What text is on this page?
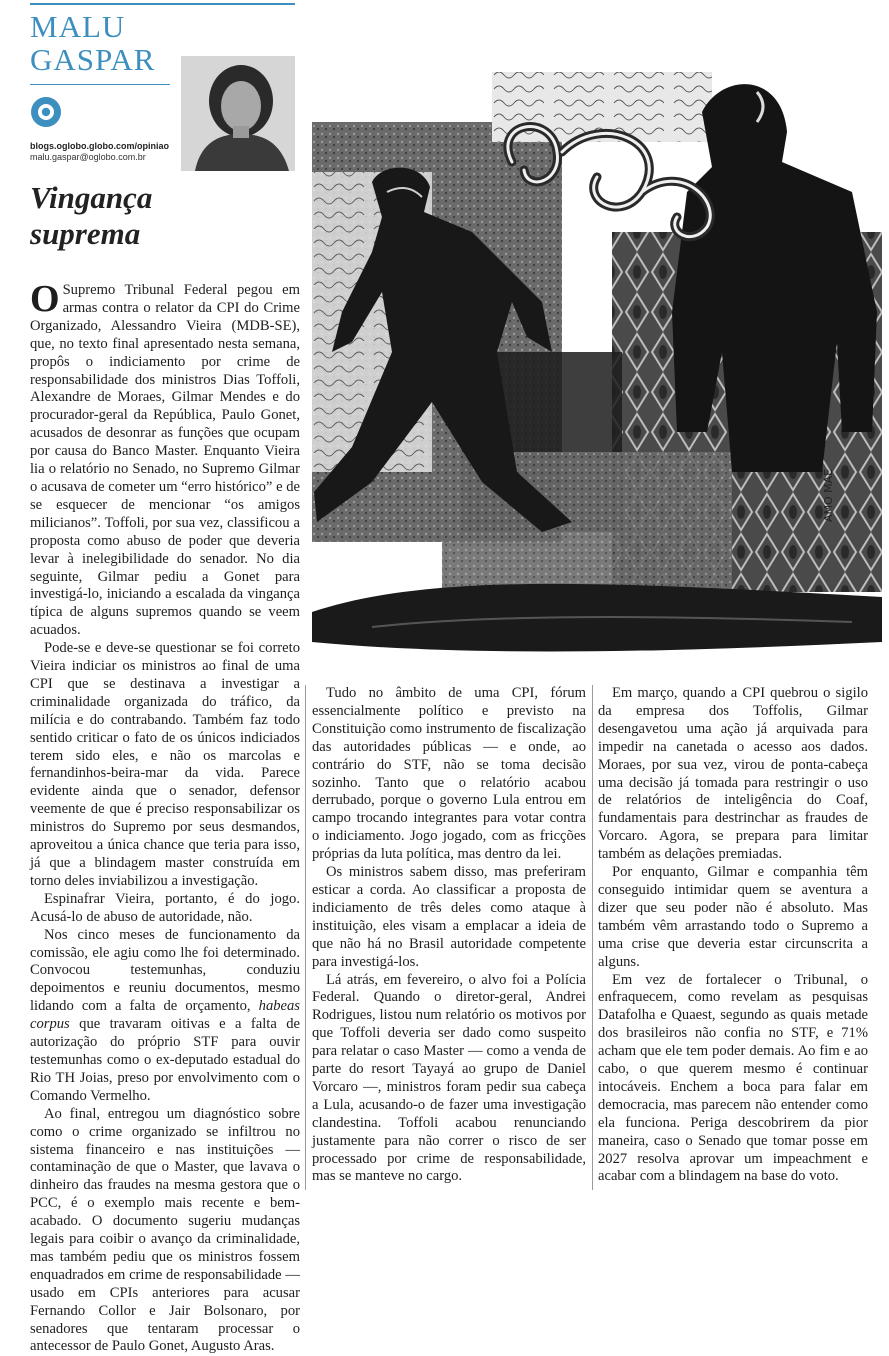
MALU
GASPAR
blogs.oglobo.globo.com/opiniao
malu.gaspar@oglobo.com.br
Vingança
suprema
AMO MAE

O Supremo Tribunal Federal pegou em armas contra o relator da CPI do Crime Organizado, Alessandro Vieira (MDB-SE), que, no texto final apresentado nesta semana, propôs o indiciamento por crime de responsabilidade dos ministros Dias Toffoli, Alexandre de Moraes, Gilmar Mendes e do procurador-geral da República, Paulo Gonet, acusados de desonrar as funções que ocupam por causa do Banco Master. Enquanto Vieira lia o relatório no Senado, no Supremo Gilmar o acusava de cometer um “erro histórico” e de se esquecer de mencionar “os amigos milicianos”. Toffoli, por sua vez, classificou a proposta como abuso de poder que deveria levar à inelegibilidade do senador. No dia seguinte, Gilmar pediu a Gonet para investigá-lo, iniciando a escalada da vingança típica de alguns supremos quando se veem acuados.

Pode-se e deve-se questionar se foi correto Vieira indiciar os ministros ao final de uma CPI que se destinava a investigar a criminalidade organizada do tráfico, da milícia e do contrabando. Também faz todo sentido criticar o fato de os únicos indiciados terem sido eles, e não os marcolas e fernandinhos-beira-mar da vida. Parece evidente ainda que o senador, defensor veemente de que é preciso responsabilizar os ministros do Supremo por seus desmandos, aproveitou a única chance que teria para isso, já que a blindagem master construída em torno deles inviabilizou a investigação.

Espinafrar Vieira, portanto, é do jogo. Acusá-lo de abuso de autoridade, não.

Nos cinco meses de funcionamento da comissão, ele agiu como lhe foi determinado. Convocou testemunhas, conduziu depoimentos e reuniu documentos, mesmo lidando com a falta de orçamento, habeas corpus que travaram oitivas e a falta de autorização do próprio STF para ouvir testemunhas como o ex-deputado estadual do Rio TH Joias, preso por envolvimento com o Comando Vermelho.

Ao final, entregou um diagnóstico sobre como o crime organizado se infiltrou no sistema financeiro e nas instituições — contaminação de que o Master, que lavava o dinheiro das fraudes na mesma gestora que o PCC, é o exemplo mais recente e bem-acabado. O documento sugeriu mudanças legais para coibir o avanço da criminalidade, mas também pediu que os ministros fossem enquadrados em crime de responsabilidade — usado em CPIs anteriores para acusar Fernando Collor e Jair Bolsonaro, por senadores que tentaram processar o antecessor de Paulo Gonet, Augusto Aras.

Tudo no âmbito de uma CPI, fórum essencialmente político e previsto na Constituição como instrumento de fiscalização das autoridades públicas — e onde, ao contrário do STF, não se toma decisão sozinho. Tanto que o relatório acabou derrubado, porque o governo Lula entrou em campo trocando integrantes para votar contra o indiciamento. Jogo jogado, com as fricções próprias da luta política, mas dentro da lei.

Os ministros sabem disso, mas preferiram esticar a corda. Ao classificar a proposta de indiciamento de três deles como ataque à instituição, eles visam a emplacar a ideia de que não há no Brasil autoridade competente para investigá-los.

Lá atrás, em fevereiro, o alvo foi a Polícia Federal. Quando o diretor-geral, Andrei Rodrigues, listou num relatório os motivos por que Toffoli deveria ser dado como suspeito para relatar o caso Master — como a venda de parte do resort Tayayá ao grupo de Daniel Vorcaro —, ministros foram pedir sua cabeça a Lula, acusando-o de fazer uma investigação clandestina. Toffoli acabou renunciando justamente para não correr o risco de ser processado por crime de responsabilidade, mas se manteve no cargo.

Em março, quando a CPI quebrou o sigilo da empresa dos Toffolis, Gilmar desengavetou uma ação já arquivada para impedir na canetada o acesso aos dados. Moraes, por sua vez, virou de ponta-cabeça uma decisão já tomada para restringir o uso de relatórios de inteligência do Coaf, fundamentais para destrinchar as fraudes de Vorcaro. Agora, se prepara para limitar também as delações premiadas.

Por enquanto, Gilmar e companhia têm conseguido intimidar quem se aventura a dizer que seu poder não é absoluto. Mas também vêm arrastando todo o Supremo a uma crise que deveria estar circunscrita a alguns.

Em vez de fortalecer o Tribunal, o enfraquecem, como revelam as pesquisas Datafolha e Quaest, segundo as quais metade dos brasileiros não confia no STF, e 71% acham que ele tem poder demais. Ao fim e ao cabo, o que querem mesmo é continuar intocáveis. Enchem a boca para falar em democracia, mas parecem não entender como ela funciona. Periga descobrirem da pior maneira, caso o Senado que tomar posse em 2027 resolva aprovar um impeachment e acabar com a blindagem na base do voto.
